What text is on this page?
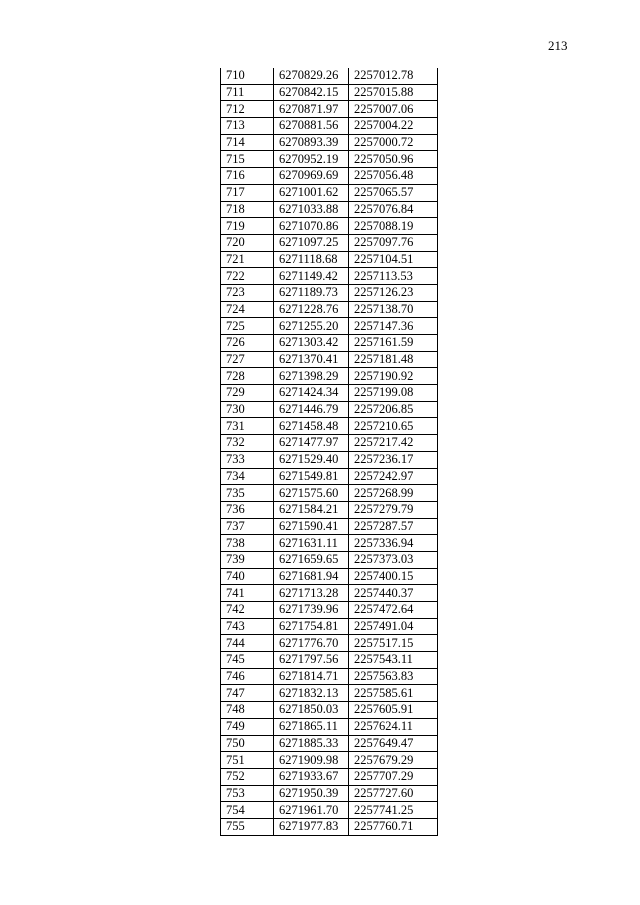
213
710	6270829.26	2257012.78
711	6270842.15	2257015.88
712	6270871.97	2257007.06
713	6270881.56	2257004.22
714	6270893.39	2257000.72
715	6270952.19	2257050.96
716	6270969.69	2257056.48
717	6271001.62	2257065.57
718	6271033.88	2257076.84
719	6271070.86	2257088.19
720	6271097.25	2257097.76
721	6271118.68	2257104.51
722	6271149.42	2257113.53
723	6271189.73	2257126.23
724	6271228.76	2257138.70
725	6271255.20	2257147.36
726	6271303.42	2257161.59
727	6271370.41	2257181.48
728	6271398.29	2257190.92
729	6271424.34	2257199.08
730	6271446.79	2257206.85
731	6271458.48	2257210.65
732	6271477.97	2257217.42
733	6271529.40	2257236.17
734	6271549.81	2257242.97
735	6271575.60	2257268.99
736	6271584.21	2257279.79
737	6271590.41	2257287.57
738	6271631.11	2257336.94
739	6271659.65	2257373.03
740	6271681.94	2257400.15
741	6271713.28	2257440.37
742	6271739.96	2257472.64
743	6271754.81	2257491.04
744	6271776.70	2257517.15
745	6271797.56	2257543.11
746	6271814.71	2257563.83
747	6271832.13	2257585.61
748	6271850.03	2257605.91
749	6271865.11	2257624.11
750	6271885.33	2257649.47
751	6271909.98	2257679.29
752	6271933.67	2257707.29
753	6271950.39	2257727.60
754	6271961.70	2257741.25
755	6271977.83	2257760.71
